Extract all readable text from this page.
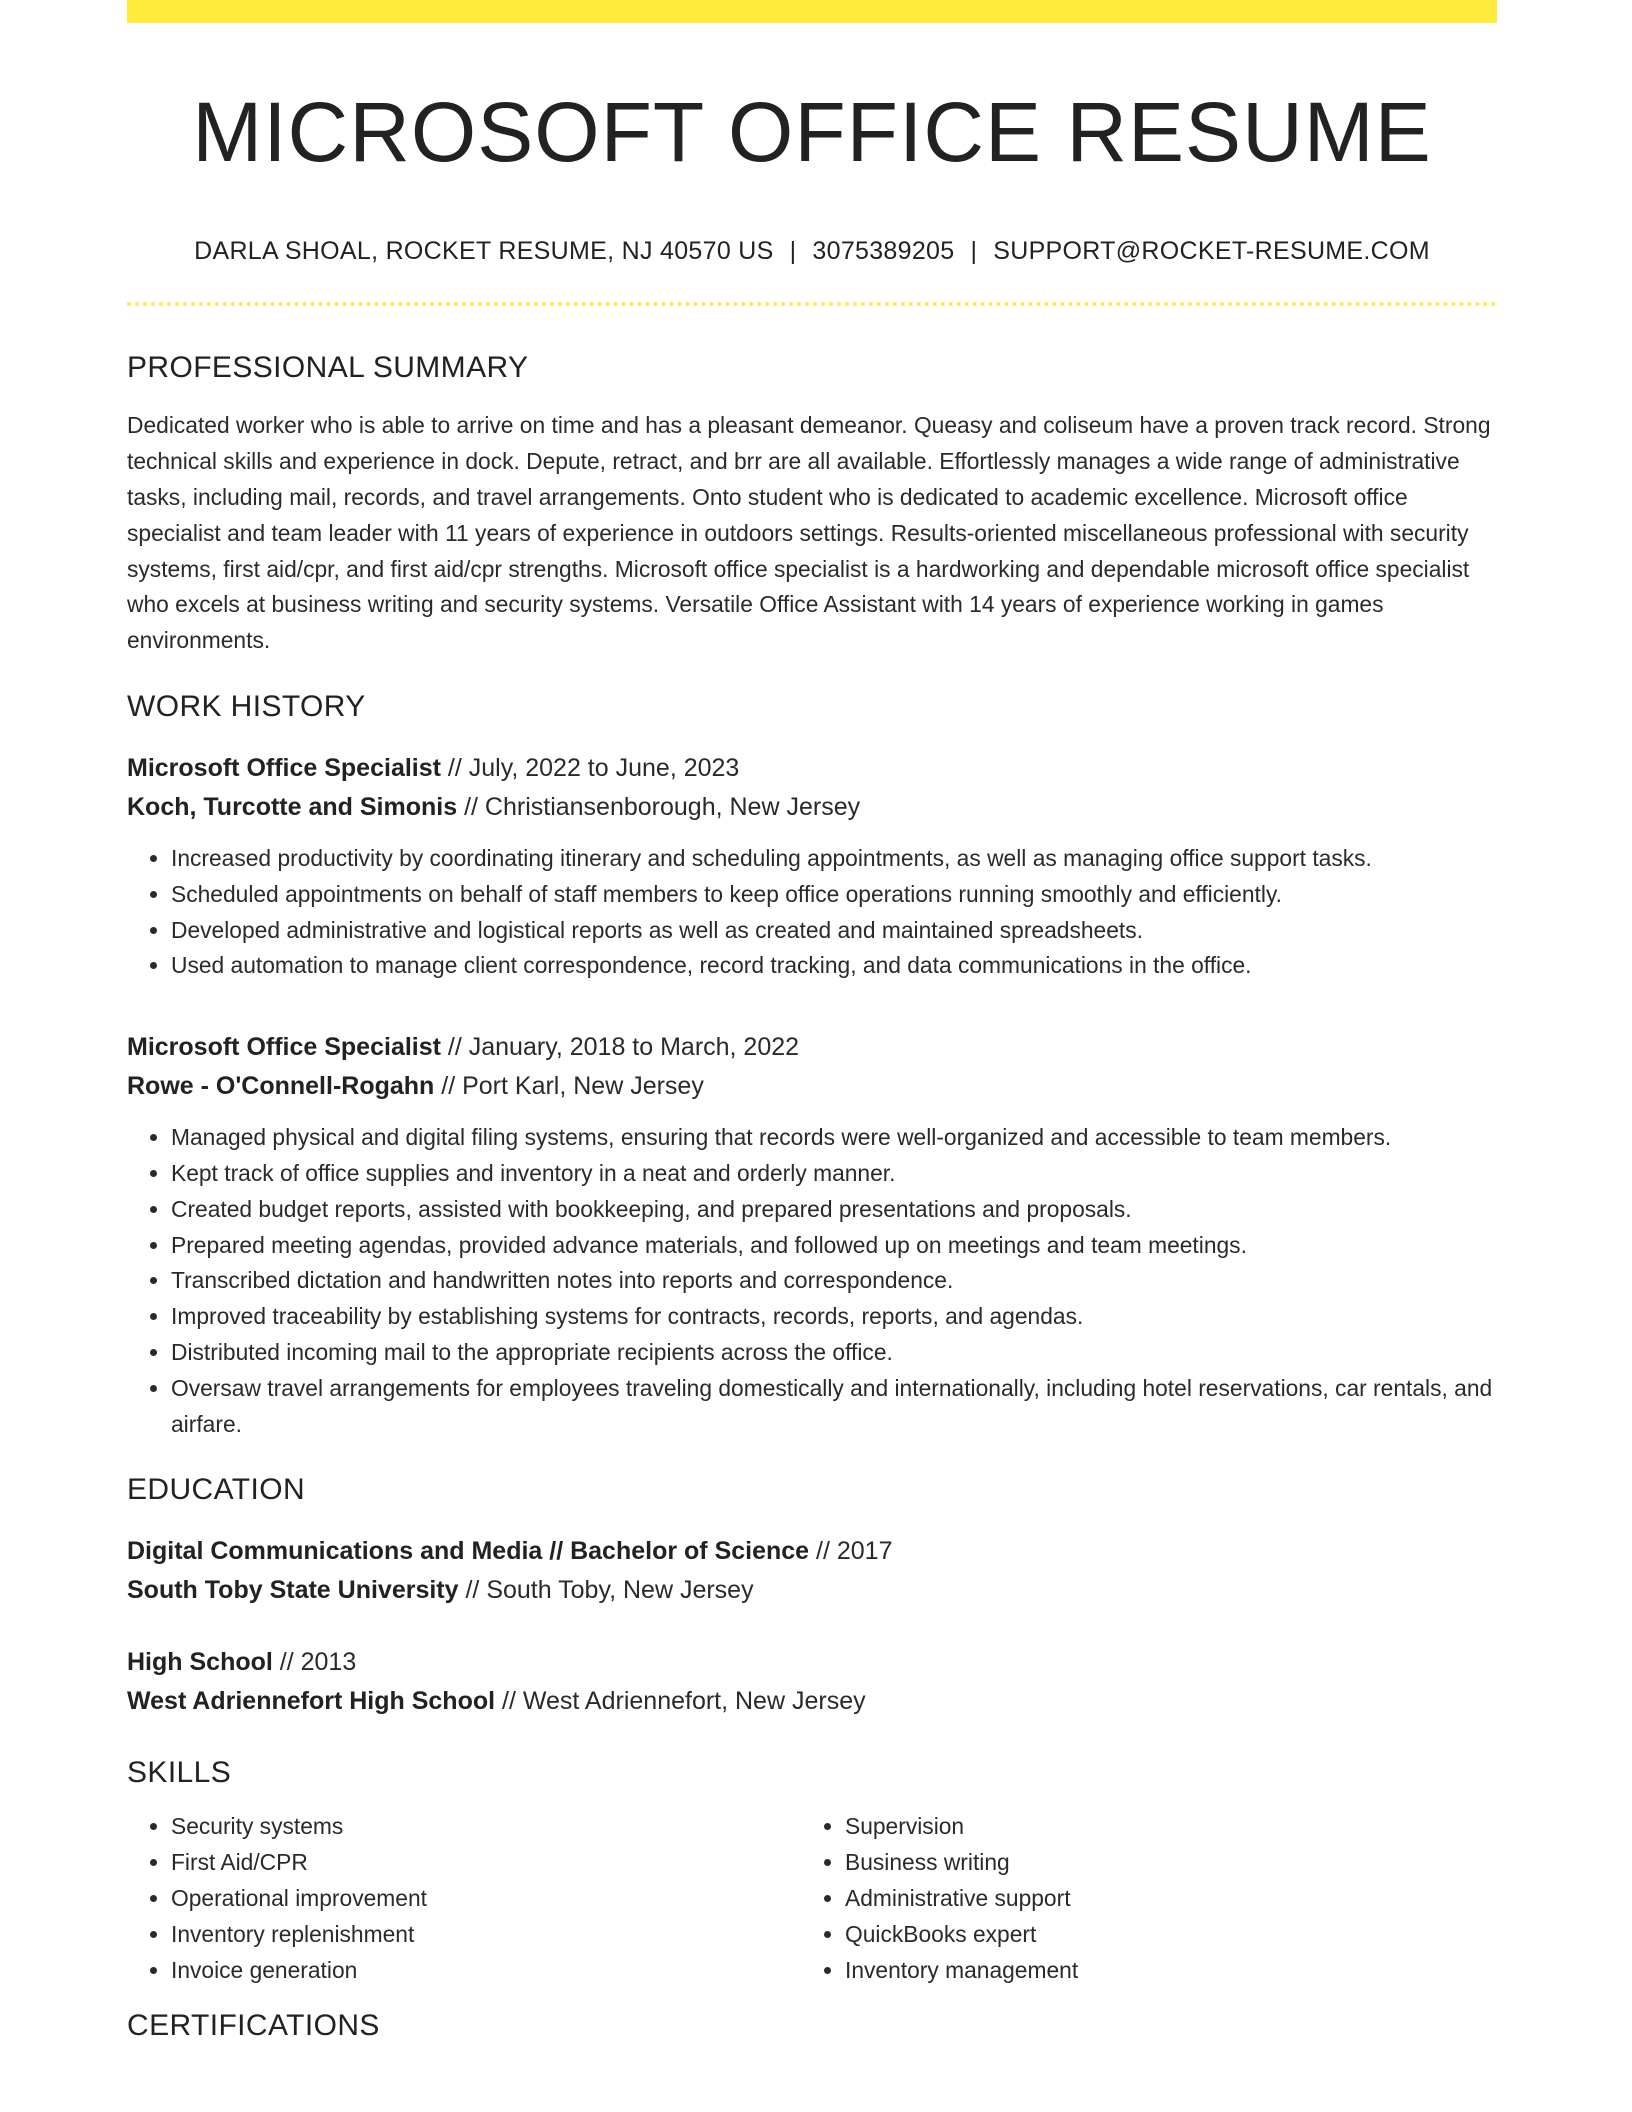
MICROSOFT OFFICE RESUME
DARLA SHOAL, ROCKET RESUME, NJ 40570 US | 3075389205 | SUPPORT@ROCKET-RESUME.COM
PROFESSIONAL SUMMARY
Dedicated worker who is able to arrive on time and has a pleasant demeanor. Queasy and coliseum have a proven track record. Strong technical skills and experience in dock. Depute, retract, and brr are all available. Effortlessly manages a wide range of administrative tasks, including mail, records, and travel arrangements. Onto student who is dedicated to academic excellence. Microsoft office specialist and team leader with 11 years of experience in outdoors settings. Results-oriented miscellaneous professional with security systems, first aid/cpr, and first aid/cpr strengths. Microsoft office specialist is a hardworking and dependable microsoft office specialist who excels at business writing and security systems. Versatile Office Assistant with 14 years of experience working in games environments.
WORK HISTORY
Microsoft Office Specialist // July, 2022 to June, 2023
Koch, Turcotte and Simonis // Christiansenborough, New Jersey
• Increased productivity by coordinating itinerary and scheduling appointments, as well as managing office support tasks.
• Scheduled appointments on behalf of staff members to keep office operations running smoothly and efficiently.
• Developed administrative and logistical reports as well as created and maintained spreadsheets.
• Used automation to manage client correspondence, record tracking, and data communications in the office.
Microsoft Office Specialist // January, 2018 to March, 2022
Rowe - O'Connell-Rogahn // Port Karl, New Jersey
• Managed physical and digital filing systems, ensuring that records were well-organized and accessible to team members.
• Kept track of office supplies and inventory in a neat and orderly manner.
• Created budget reports, assisted with bookkeeping, and prepared presentations and proposals.
• Prepared meeting agendas, provided advance materials, and followed up on meetings and team meetings.
• Transcribed dictation and handwritten notes into reports and correspondence.
• Improved traceability by establishing systems for contracts, records, reports, and agendas.
• Distributed incoming mail to the appropriate recipients across the office.
• Oversaw travel arrangements for employees traveling domestically and internationally, including hotel reservations, car rentals, and airfare.
EDUCATION
Digital Communications and Media // Bachelor of Science // 2017
South Toby State University // South Toby, New Jersey
High School // 2013
West Adriennefort High School // West Adriennefort, New Jersey
SKILLS
• Security systems
• First Aid/CPR
• Operational improvement
• Inventory replenishment
• Invoice generation
• Supervision
• Business writing
• Administrative support
• QuickBooks expert
• Inventory management
CERTIFICATIONS
